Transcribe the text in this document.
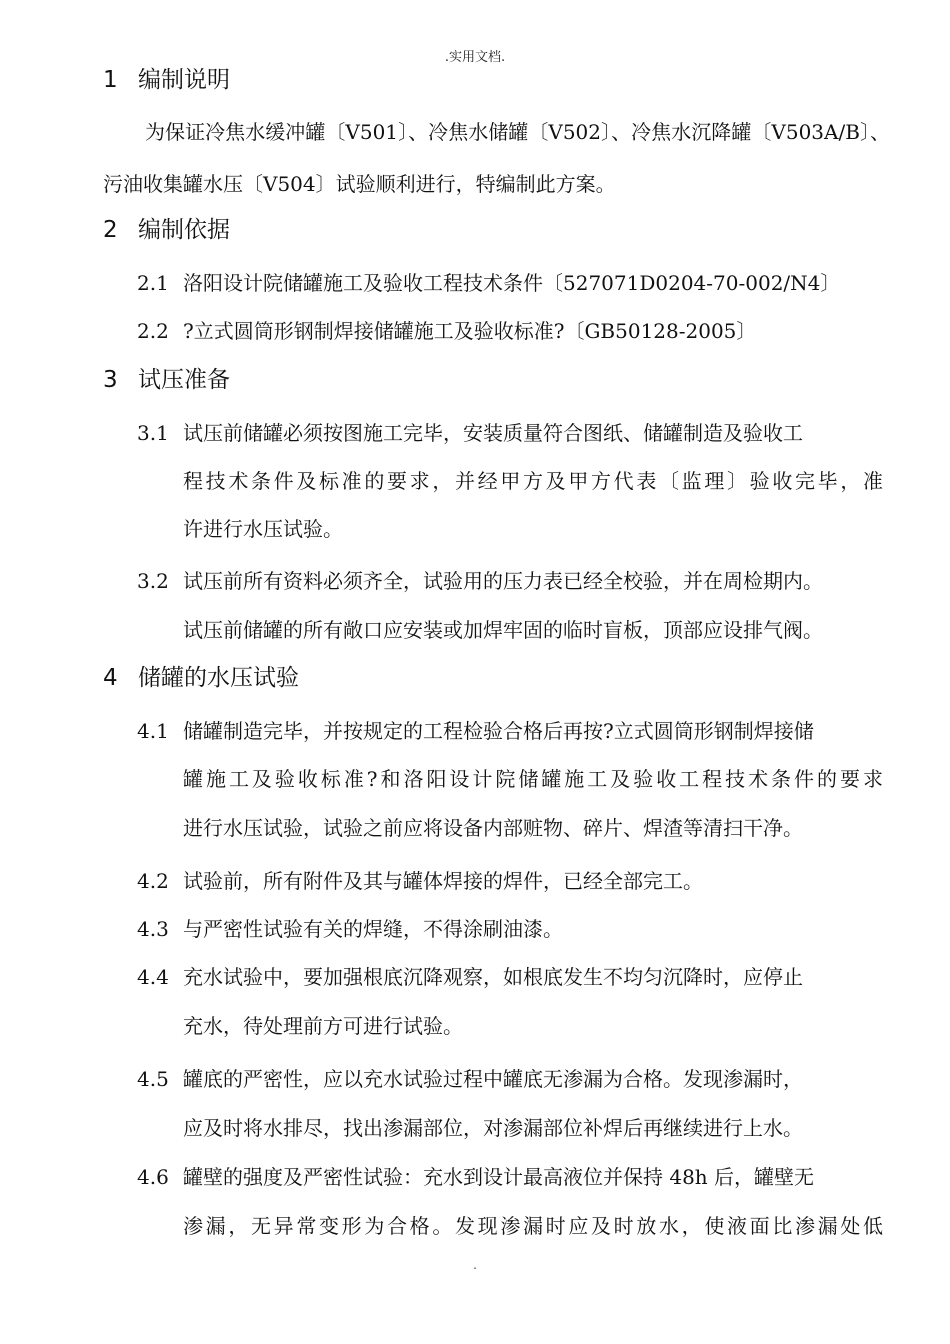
.实用文档.
1 编制说明
为保证冷焦水缓冲罐〔V501〕、冷焦水储罐〔V502〕、冷焦水沉降罐〔V503A/B〕、
污油收集罐水压〔V504〕试验顺利进行，特编制此方案。
2 编制依据
2.1 洛阳设计院储罐施工及验收工程技术条件〔527071D0204-70-002/N4〕
2.2 ?立式圆筒形钢制焊接储罐施工及验收标准?〔GB50128-2005〕
3 试压准备
3.1 试压前储罐必须按图施工完毕，安装质量符合图纸、储罐制造及验收工
程技术条件及标准的要求，并经甲方及甲方代表〔监理〕验收完毕，准
许进行水压试验。
3.2 试压前所有资料必须齐全，试验用的压力表已经全校验，并在周检期内。
试压前储罐的所有敞口应安装或加焊牢固的临时盲板，顶部应设排气阀。
4 储罐的水压试验
4.1 储罐制造完毕，并按规定的工程检验合格后再按?立式圆筒形钢制焊接储
罐施工及验收标准?和洛阳设计院储罐施工及验收工程技术条件的要求
进行水压试验，试验之前应将设备内部赃物、碎片、焊渣等清扫干净。
4.2 试验前，所有附件及其与罐体焊接的焊件，已经全部完工。
4.3 与严密性试验有关的焊缝，不得涂刷油漆。
4.4 充水试验中，要加强根底沉降观察，如根底发生不均匀沉降时，应停止
充水，待处理前方可进行试验。
4.5 罐底的严密性，应以充水试验过程中罐底无渗漏为合格。发现渗漏时，
应及时将水排尽，找出渗漏部位，对渗漏部位补焊后再继续进行上水。
4.6 罐壁的强度及严密性试验：充水到设计最高液位并保持 48h 后，罐壁无
渗漏，无异常变形为合格。发现渗漏时应及时放水，使液面比渗漏处低
.
